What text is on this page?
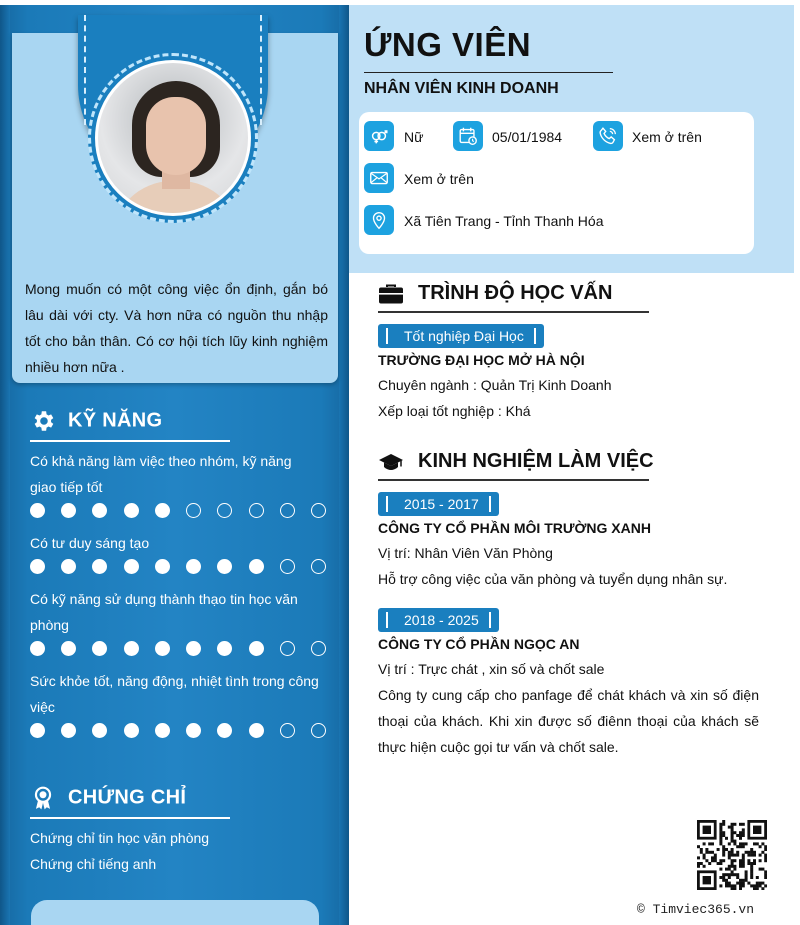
Mong muốn có một công việc ổn định, gắn bó lâu dài với cty. Và hơn nữa có nguồn thu nhập tốt cho bản thân. Có cơ hội tích lũy kinh nghiệm nhiều hơn nữa .

KỸ NĂNG
Có khả năng làm việc theo nhóm, kỹ năng giao tiếp tốt
Có tư duy sáng tạo
Có kỹ năng sử dụng thành thạo tin học văn phòng
Sức khỏe tốt, năng động, nhiệt tình trong công việc
CHỨNG CHỈ
Chứng chỉ tin học văn phòng
Chứng chỉ tiếng anh
ỨNG VIÊN
NHÂN VIÊN KINH DOANH
Nữ	05/01/1984	Xem ở trên
Xem ở trên
Xã Tiên Trang - Tỉnh Thanh Hóa
TRÌNH ĐỘ HỌC VẤN
Tốt nghiệp Đại Học
TRƯỜNG ĐẠI HỌC MỞ HÀ NỘI
Chuyên ngành : Quản Trị Kinh Doanh
Xếp loại tốt nghiệp : Khá
KINH NGHIỆM LÀM VIỆC
2015 - 2017
CÔNG TY CỔ PHẦN MÔI TRƯỜNG XANH
Vị trí: Nhân Viên Văn Phòng
Hỗ trợ công việc của văn phòng và tuyển dụng nhân sự.
2018 - 2025
CÔNG TY CỔ PHẦN NGỌC AN
Vị trí : Trực chát , xin số và chốt sale
Công ty cung cấp cho panfage để chát khách và xin số điện thoại của khách. Khi xin được số điênn thoại của khách sẽ thực hiện cuộc gọi tư vấn và chốt sale.
© Timviec365.vn
